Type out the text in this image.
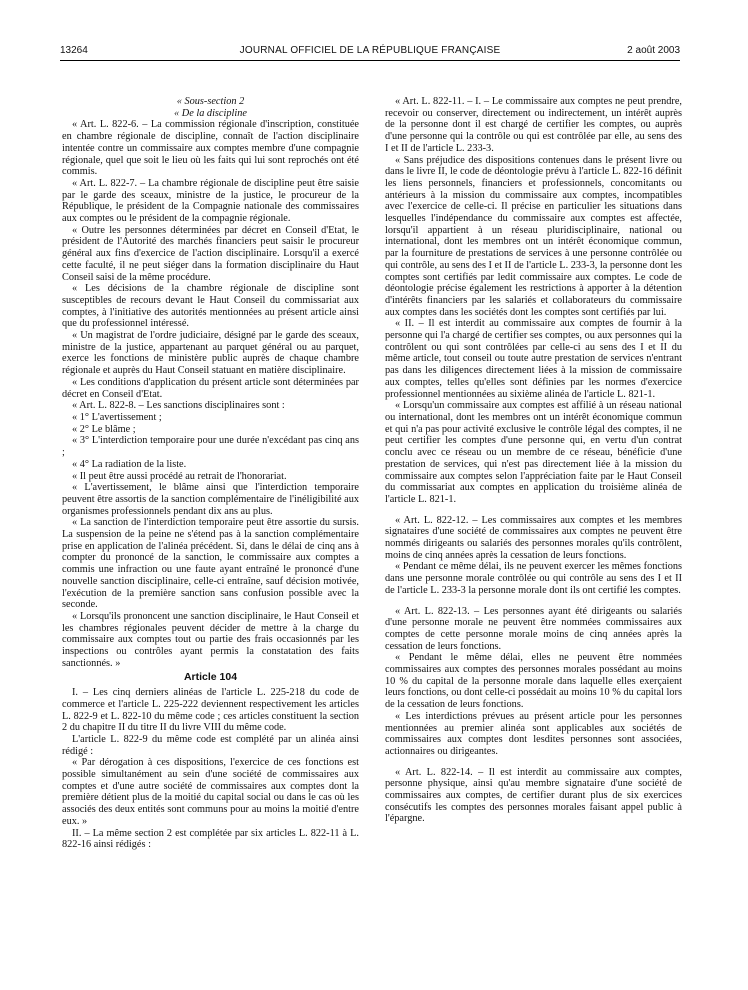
13264	JOURNAL OFFICIEL DE LA RÉPUBLIQUE FRANÇAISE	2 août 2003

« Sous-section 2

« De la discipline

« Art. L. 822-6. – La commission régionale d'inscription, constituée en chambre régionale de discipline, connaît de l'action disciplinaire intentée contre un commissaire aux comptes membre d'une compagnie régionale, quel que soit le lieu où les faits qui lui sont reprochés ont été commis.

« Art. L. 822-7. – La chambre régionale de discipline peut être saisie par le garde des sceaux, ministre de la justice, le procureur de la République, le président de la Compagnie nationale des commissaires aux comptes ou le président de la compagnie régionale.

« Outre les personnes déterminées par décret en Conseil d'Etat, le président de l'Autorité des marchés financiers peut saisir le procureur général aux fins d'exercice de l'action disciplinaire. Lorsqu'il a exercé cette faculté, il ne peut siéger dans la formation disciplinaire du Haut Conseil saisi de la même procédure.

« Les décisions de la chambre régionale de discipline sont susceptibles de recours devant le Haut Conseil du commissariat aux comptes, à l'initiative des autorités mentionnées au présent article ainsi que du professionnel intéressé.

« Un magistrat de l'ordre judiciaire, désigné par le garde des sceaux, ministre de la justice, appartenant au parquet général ou au parquet, exerce les fonctions de ministère public auprès de chaque chambre régionale et auprès du Haut Conseil statuant en matière disciplinaire.

« Les conditions d'application du présent article sont déterminées par décret en Conseil d'Etat.

« Art. L. 822-8. – Les sanctions disciplinaires sont :

« 1° L'avertissement ;

« 2° Le blâme ;

« 3° L'interdiction temporaire pour une durée n'excédant pas cinq ans ;

« 4° La radiation de la liste.

« Il peut être aussi procédé au retrait de l'honorariat.

« L'avertissement, le blâme ainsi que l'interdiction temporaire peuvent être assortis de la sanction complémentaire de l'inéligibilité aux organismes professionnels pendant dix ans au plus.

« La sanction de l'interdiction temporaire peut être assortie du sursis. La suspension de la peine ne s'étend pas à la sanction complémentaire prise en application de l'alinéa précédent. Si, dans le délai de cinq ans à compter du prononcé de la sanction, le commissaire aux comptes a commis une infraction ou une faute ayant entraîné le prononcé d'une nouvelle sanction disciplinaire, celle-ci entraîne, sauf décision motivée, l'exécution de la première sanction sans confusion possible avec la seconde.

« Lorsqu'ils prononcent une sanction disciplinaire, le Haut Conseil et les chambres régionales peuvent décider de mettre à la charge du commissaire aux comptes tout ou partie des frais occasionnés par les inspections ou contrôles ayant permis la constatation des faits sanctionnés. »

Article 104

I. – Les cinq derniers alinéas de l'article L. 225-218 du code de commerce et l'article L. 225-222 deviennent respectivement les articles L. 822-9 et L. 822-10 du même code ; ces articles constituent la section 2 du chapitre II du titre II du livre VIII du même code.

L'article L. 822-9 du même code est complété par un alinéa ainsi rédigé :

« Par dérogation à ces dispositions, l'exercice de ces fonctions est possible simultanément au sein d'une société de commissaires aux comptes et d'une autre société de commissaires aux comptes dont la première détient plus de la moitié du capital social ou dans le cas où les associés des deux entités sont communs pour au moins la moitié d'entre eux. »

II. – La même section 2 est complétée par six articles L. 822-11 à L. 822-16 ainsi rédigés :

« Art. L. 822-11. – I. – Le commissaire aux comptes ne peut prendre, recevoir ou conserver, directement ou indirectement, un intérêt auprès de la personne dont il est chargé de certifier les comptes, ou auprès d'une personne qui la contrôle ou qui est contrôlée par elle, au sens des I et II de l'article L. 233-3.

« Sans préjudice des dispositions contenues dans le présent livre ou dans le livre II, le code de déontologie prévu à l'article L. 822-16 définit les liens personnels, financiers et professionnels, concomitants ou antérieurs à la mission du commissaire aux comptes, incompatibles avec l'exercice de celle-ci. Il précise en particulier les situations dans lesquelles l'indépendance du commissaire aux comptes est affectée, lorsqu'il appartient à un réseau pluridisciplinaire, national ou international, dont les membres ont un intérêt économique commun, par la fourniture de prestations de services à une personne contrôlée ou qui contrôle, au sens des I et II de l'article L. 233-3, la personne dont les comptes sont certifiés par ledit commissaire aux comptes. Le code de déontologie précise également les restrictions à apporter à la détention d'intérêts financiers par les salariés et collaborateurs du commissaire aux comptes dans les sociétés dont les comptes sont certifiés par lui.

« II. – Il est interdit au commissaire aux comptes de fournir à la personne qui l'a chargé de certifier ses comptes, ou aux personnes qui la contrôlent ou qui sont contrôlées par celle-ci au sens des I et II du même article, tout conseil ou toute autre prestation de services n'entrant pas dans les diligences directement liées à la mission de commissaire aux comptes, telles qu'elles sont définies par les normes d'exercice professionnel mentionnées au sixième alinéa de l'article L. 821-1.

« Lorsqu'un commissaire aux comptes est affilié à un réseau national ou international, dont les membres ont un intérêt économique commun et qui n'a pas pour activité exclusive le contrôle légal des comptes, il ne peut certifier les comptes d'une personne qui, en vertu d'un contrat conclu avec ce réseau ou un membre de ce réseau, bénéficie d'une prestation de services, qui n'est pas directement liée à la mission du commissaire aux comptes selon l'appréciation faite par le Haut Conseil du commissariat aux comptes en application du troisième alinéa de l'article L. 821-1.

« Art. L. 822-12. – Les commissaires aux comptes et les membres signataires d'une société de commissaires aux comptes ne peuvent être nommés dirigeants ou salariés des personnes morales qu'ils contrôlent, moins de cinq années après la cessation de leurs fonctions.

« Pendant ce même délai, ils ne peuvent exercer les mêmes fonctions dans une personne morale contrôlée ou qui contrôle au sens des I et II de l'article L. 233-3 la personne morale dont ils ont certifié les comptes.

« Art. L. 822-13. – Les personnes ayant été dirigeants ou salariés d'une personne morale ne peuvent être nommées commissaires aux comptes de cette personne morale moins de cinq années après la cessation de leurs fonctions.

« Pendant le même délai, elles ne peuvent être nommées commissaires aux comptes des personnes morales possédant au moins 10 % du capital de la personne morale dans laquelle elles exerçaient leurs fonctions, ou dont celle-ci possédait au moins 10 % du capital lors de la cessation de leurs fonctions.

« Les interdictions prévues au présent article pour les personnes mentionnées au premier alinéa sont applicables aux sociétés de commissaires aux comptes dont lesdites personnes sont associées, actionnaires ou dirigeantes.

« Art. L. 822-14. – Il est interdit au commissaire aux comptes, personne physique, ainsi qu'au membre signataire d'une société de commissaires aux comptes, de certifier durant plus de six exercices consécutifs les comptes des personnes morales faisant appel public à l'épargne.
